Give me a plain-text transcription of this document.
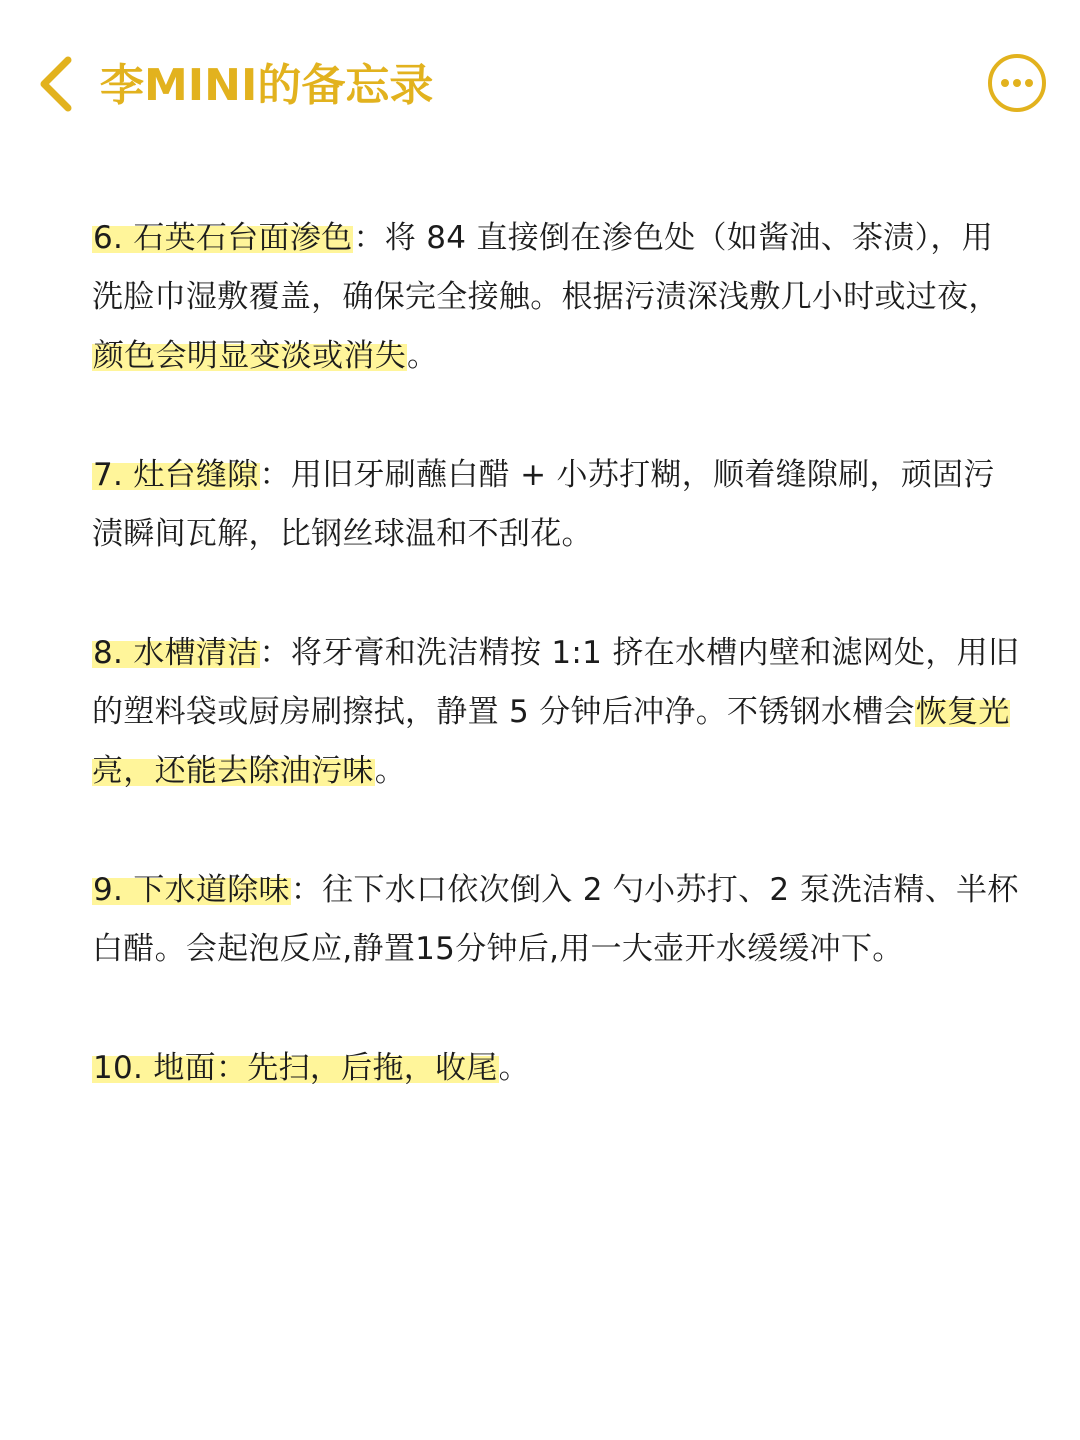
李MINI的备忘录

6. 石英石台面渗色：将 84 直接倒在渗色处（如酱油、茶渍），用洗脸巾湿敷覆盖，确保完全接触。根据污渍深浅敷几小时或过夜，颜色会明显变淡或消失。

7. 灶台缝隙：用旧牙刷蘸白醋 + 小苏打糊，顺着缝隙刷，顽固污渍瞬间瓦解，比钢丝球温和不刮花。

8. 水槽清洁：将牙膏和洗洁精按 1:1 挤在水槽内壁和滤网处，用旧的塑料袋或厨房刷擦拭，静置 5 分钟后冲净。不锈钢水槽会恢复光亮，还能去除油污味。

9. 下水道除味：往下水口依次倒入 2 勺小苏打、2 泵洗洁精、半杯白醋。会起泡反应,静置15分钟后,用一大壶开水缓缓冲下。

10. 地面：先扫，后拖，收尾。
